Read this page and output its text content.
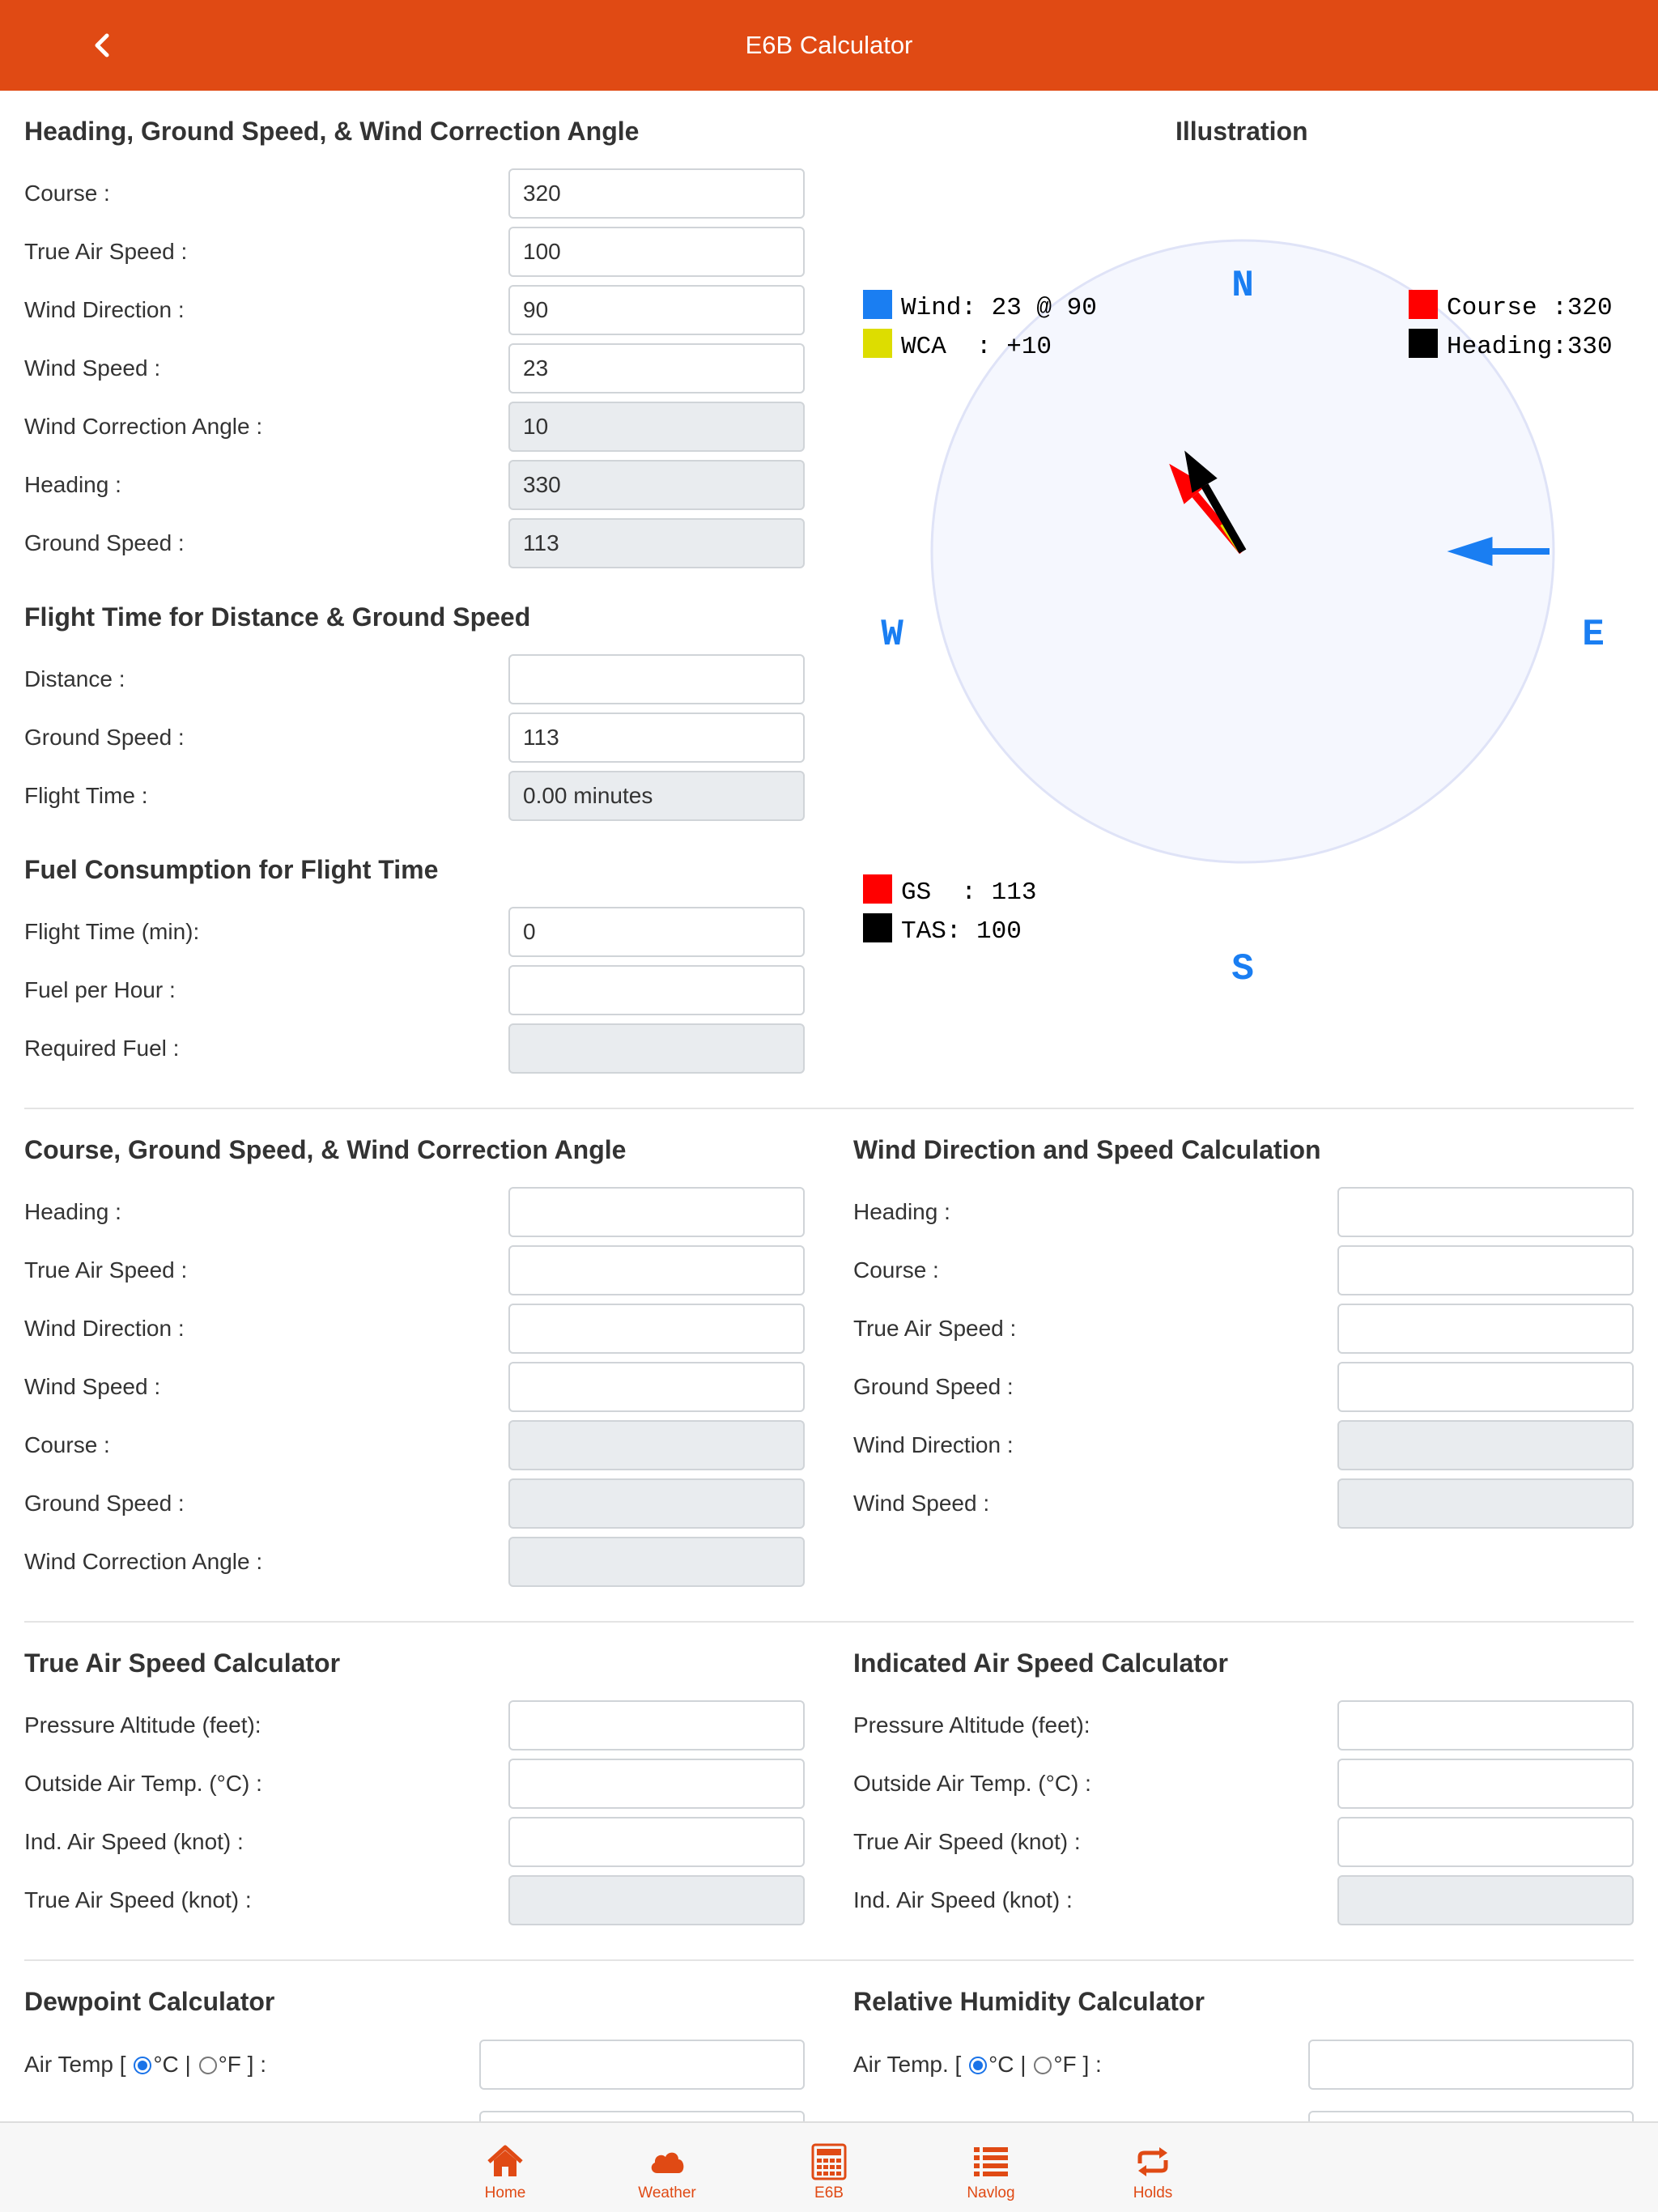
E6B Calculator
Heading, Ground Speed, & Wind Correction Angle
Course :	320
True Air Speed :	100
Wind Direction :	90
Wind Speed :	23
Wind Correction Angle :	10
Heading :	330
Ground Speed :	113
Flight Time for Distance & Ground Speed
Distance :
Ground Speed :	113
Flight Time :	0.00 minutes
Fuel Consumption for Flight Time
Flight Time (min):	0
Fuel per Hour :
Required Fuel :
Illustration
N
S
E
W
Wind: 23 @ 90
WCA  : +10
Course :320
Heading:330
GS  : 113
TAS: 100
Course, Ground Speed, & Wind Correction Angle
Heading :
True Air Speed :
Wind Direction :
Wind Speed :
Course :
Ground Speed :
Wind Correction Angle :
Wind Direction and Speed Calculation
Heading :
Course :
True Air Speed :
Ground Speed :
Wind Direction :
Wind Speed :
True Air Speed Calculator
Pressure Altitude (feet):
Outside Air Temp. (°C) :
Ind. Air Speed (knot) :
True Air Speed (knot) :
Indicated Air Speed Calculator
Pressure Altitude (feet):
Outside Air Temp. (°C) :
True Air Speed (knot) :
Ind. Air Speed (knot) :
Dewpoint Calculator
Air Temp [ °C | °F ] :
Relative Humidity Calculator
Air Temp. [ °C | °F ] :
Home	Weather	E6B	Navlog	Holds
